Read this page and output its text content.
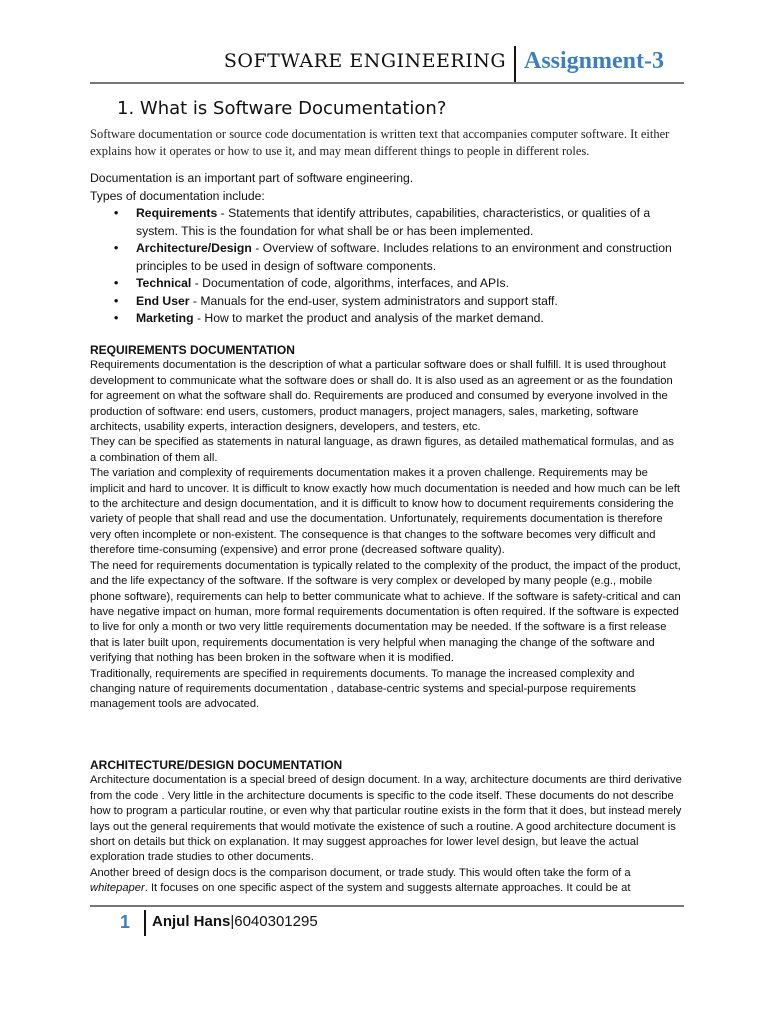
SOFTWARE ENGINEERING Assignment-3
1. What is Software Documentation?

Software documentation or source code documentation is written text that accompanies computer software. It either explains how it operates or how to use it, and may mean different things to people in different roles.

Documentation is an important part of software engineering.

Types of documentation include:

• Requirements - Statements that identify attributes, capabilities, characteristics, or qualities of a system. This is the foundation for what shall be or has been implemented.
• Architecture/Design - Overview of software. Includes relations to an environment and construction principles to be used in design of software components.
• Technical - Documentation of code, algorithms, interfaces, and APIs.
• End User - Manuals for the end-user, system administrators and support staff.
• Marketing - How to market the product and analysis of the market demand.

REQUIREMENTS DOCUMENTATION

Requirements documentation is the description of what a particular software does or shall fulfill. It is used throughout development to communicate what the software does or shall do. It is also used as an agreement or as the foundation for agreement on what the software shall do. Requirements are produced and consumed by everyone involved in the production of software: end users, customers, product managers, project managers, sales, marketing, software architects, usability experts, interaction designers, developers, and testers, etc.

They can be specified as statements in natural language, as drawn figures, as detailed mathematical formulas, and as a combination of them all.

The variation and complexity of requirements documentation makes it a proven challenge. Requirements may be implicit and hard to uncover. It is difficult to know exactly how much documentation is needed and how much can be left to the architecture and design documentation, and it is difficult to know how to document requirements considering the variety of people that shall read and use the documentation. Unfortunately, requirements documentation is therefore very often incomplete or non-existent. The consequence is that changes to the software becomes very difficult and therefore time-consuming (expensive) and error prone (decreased software quality).

The need for requirements documentation is typically related to the complexity of the product, the impact of the product, and the life expectancy of the software. If the software is very complex or developed by many people (e.g., mobile phone software), requirements can help to better communicate what to achieve. If the software is safety-critical and can have negative impact on human, more formal requirements documentation is often required. If the software is expected to live for only a month or two very little requirements documentation may be needed. If the software is a first release that is later built upon, requirements documentation is very helpful when managing the change of the software and verifying that nothing has been broken in the software when it is modified.

Traditionally, requirements are specified in requirements documents. To manage the increased complexity and changing nature of requirements documentation , database-centric systems and special-purpose requirements management tools are advocated.

ARCHITECTURE/DESIGN DOCUMENTATION

Architecture documentation is a special breed of design document. In a way, architecture documents are third derivative from the code . Very little in the architecture documents is specific to the code itself. These documents do not describe how to program a particular routine, or even why that particular routine exists in the form that it does, but instead merely lays out the general requirements that would motivate the existence of such a routine. A good architecture document is short on details but thick on explanation. It may suggest approaches for lower level design, but leave the actual exploration trade studies to other documents.

Another breed of design docs is the comparison document, or trade study. This would often take the form of a whitepaper. It focuses on one specific aspect of the system and suggests alternate approaches. It could be at

1 Anjul Hans|6040301295
